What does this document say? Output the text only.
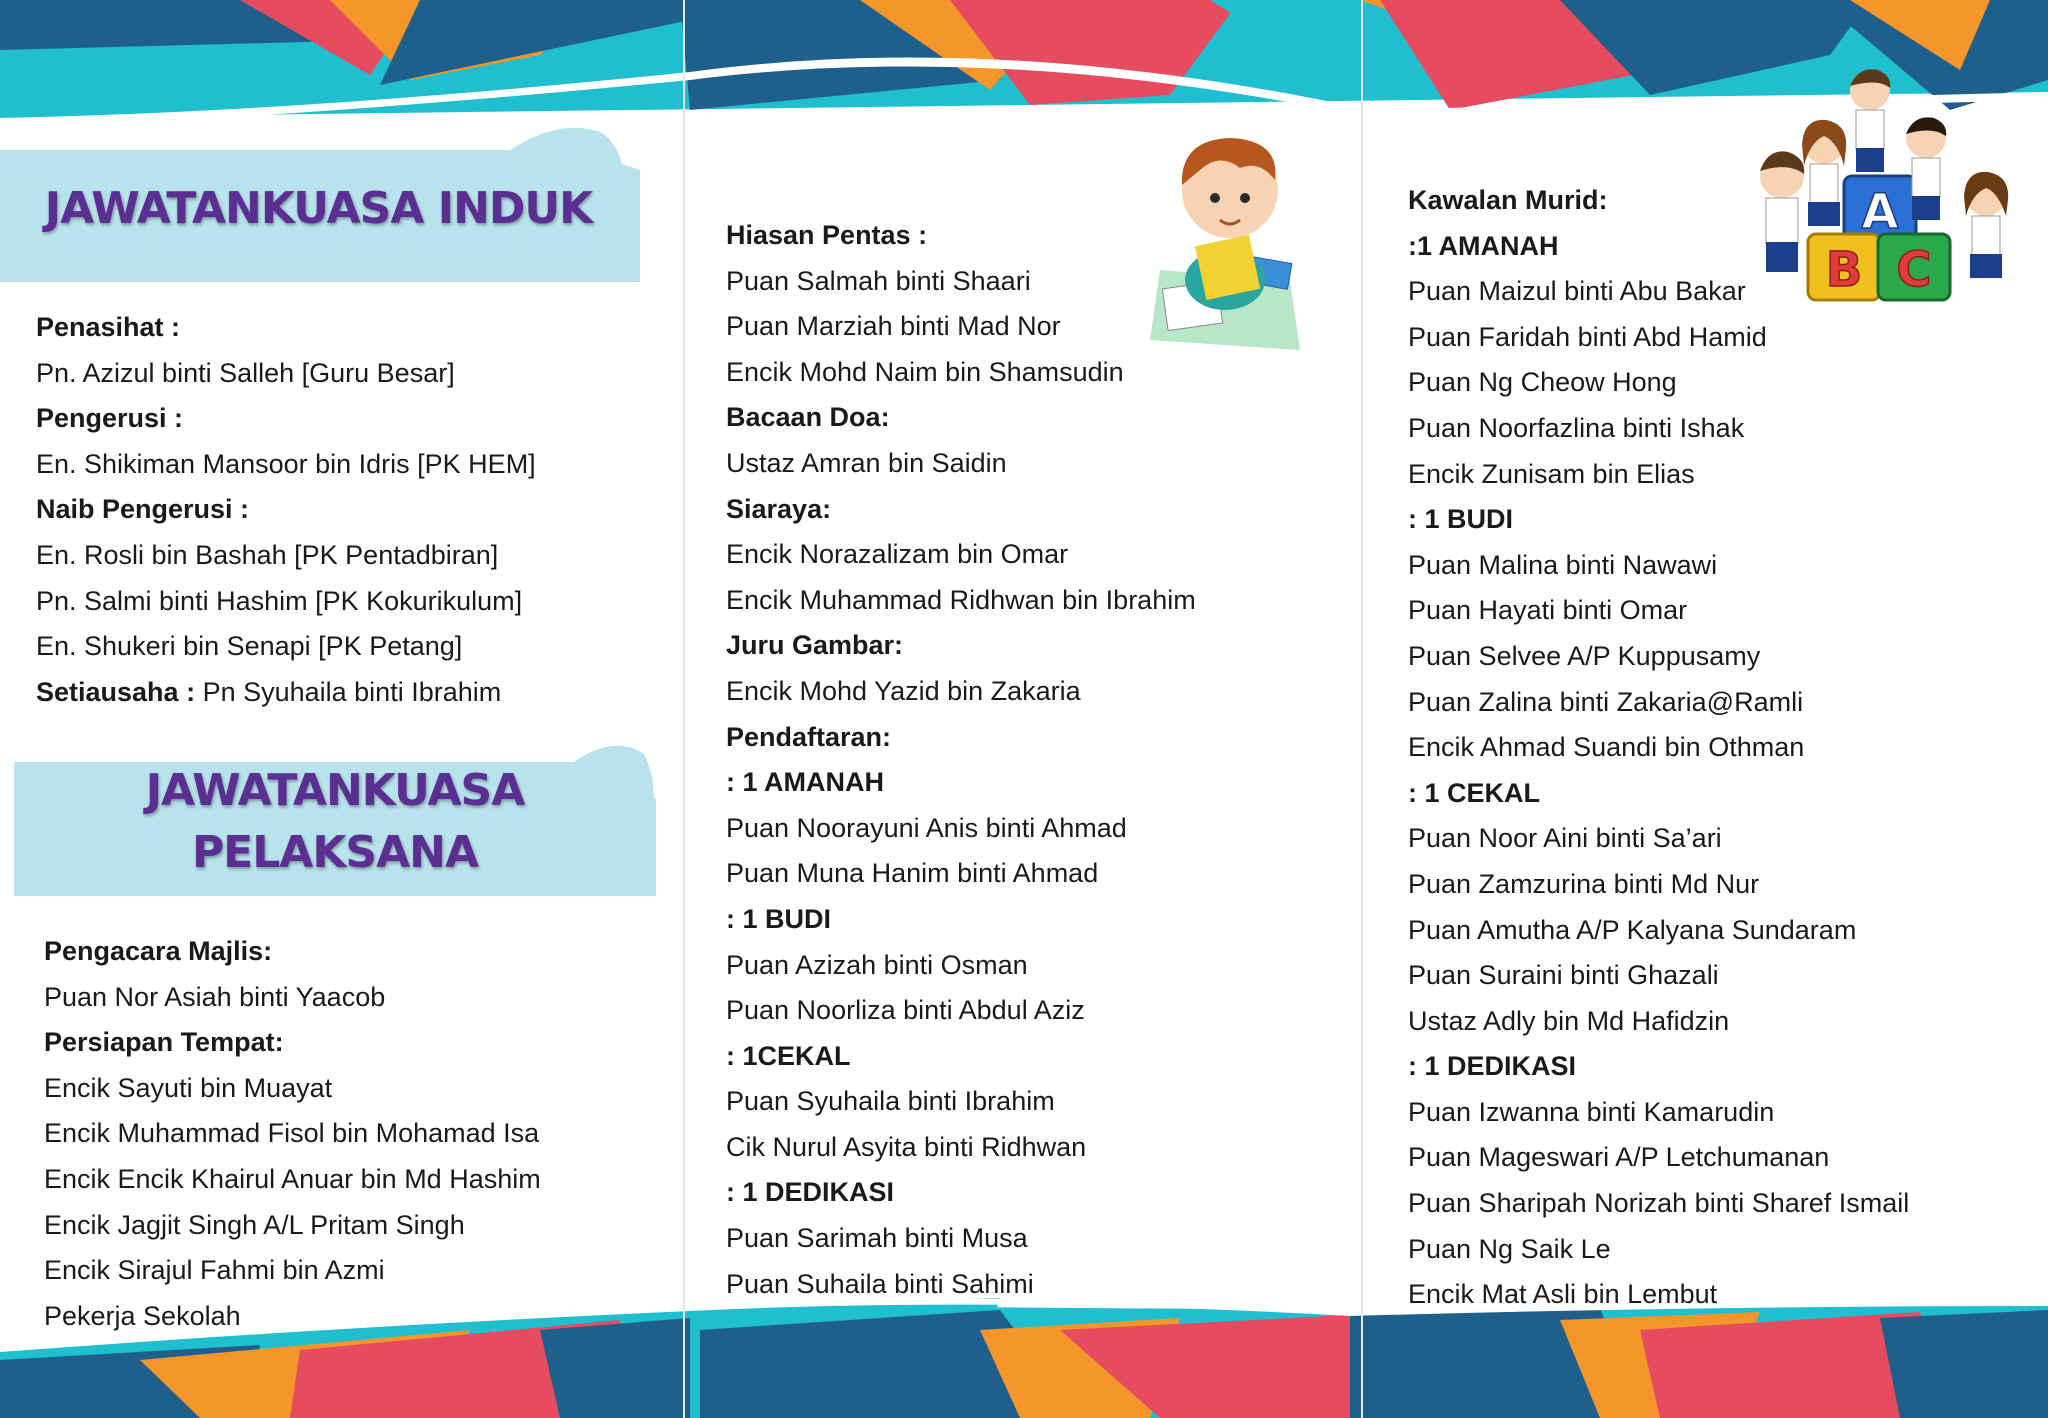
JAWATANKUASA INDUK
Penasihat :
Pn. Azizul binti Salleh [Guru Besar]
Pengerusi :
En. Shikiman Mansoor bin Idris [PK HEM]
Naib Pengerusi :
En. Rosli bin Bashah [PK Pentadbiran]
Pn. Salmi binti Hashim [PK Kokurikulum]
En. Shukeri bin Senapi [PK Petang]
Setiausaha : Pn Syuhaila binti Ibrahim
JAWATANKUASA
PELAKSANA
Pengacara Majlis:
Puan Nor Asiah binti Yaacob
Persiapan Tempat:
Encik Sayuti bin Muayat
Encik Muhammad Fisol bin Mohamad Isa
Encik Encik Khairul Anuar bin Md Hashim
Encik Jagjit Singh A/L Pritam Singh
Encik Sirajul Fahmi bin Azmi
Pekerja Sekolah
Hiasan Pentas :
Puan Salmah binti Shaari
Puan Marziah binti Mad Nor
Encik Mohd Naim bin Shamsudin
Bacaan Doa:
Ustaz Amran bin Saidin
Siaraya:
Encik Norazalizam bin Omar
Encik Muhammad Ridhwan bin Ibrahim
Juru Gambar:
Encik Mohd Yazid bin Zakaria
Pendaftaran:
: 1 AMANAH
Puan Noorayuni Anis binti Ahmad
Puan Muna Hanim binti Ahmad
: 1 BUDI
Puan Azizah binti Osman
Puan Noorliza binti Abdul Aziz
: 1CEKAL
Puan Syuhaila binti Ibrahim
Cik Nurul Asyita binti Ridhwan
: 1 DEDIKASI
Puan Sarimah binti Musa
Puan Suhaila binti Sahimi
Kawalan Murid:
:1 AMANAH
Puan Maizul binti Abu Bakar
Puan Faridah binti Abd Hamid
Puan Ng Cheow Hong
Puan Noorfazlina binti Ishak
Encik Zunisam bin Elias
: 1 BUDI
Puan Malina binti Nawawi
Puan Hayati binti Omar
Puan Selvee A/P Kuppusamy
Puan Zalina binti Zakaria@Ramli
Encik Ahmad Suandi bin Othman
: 1 CEKAL
Puan Noor Aini binti Sa’ari
Puan Zamzurina binti Md Nur
Puan Amutha A/P Kalyana Sundaram
Puan Suraini binti Ghazali
Ustaz Adly bin Md Hafidzin
: 1 DEDIKASI
Puan Izwanna binti Kamarudin
Puan Mageswari A/P Letchumanan
Puan Sharipah Norizah binti Sharef Ismail
Puan Ng Saik Le
Encik Mat Asli bin Lembut
A
B C
